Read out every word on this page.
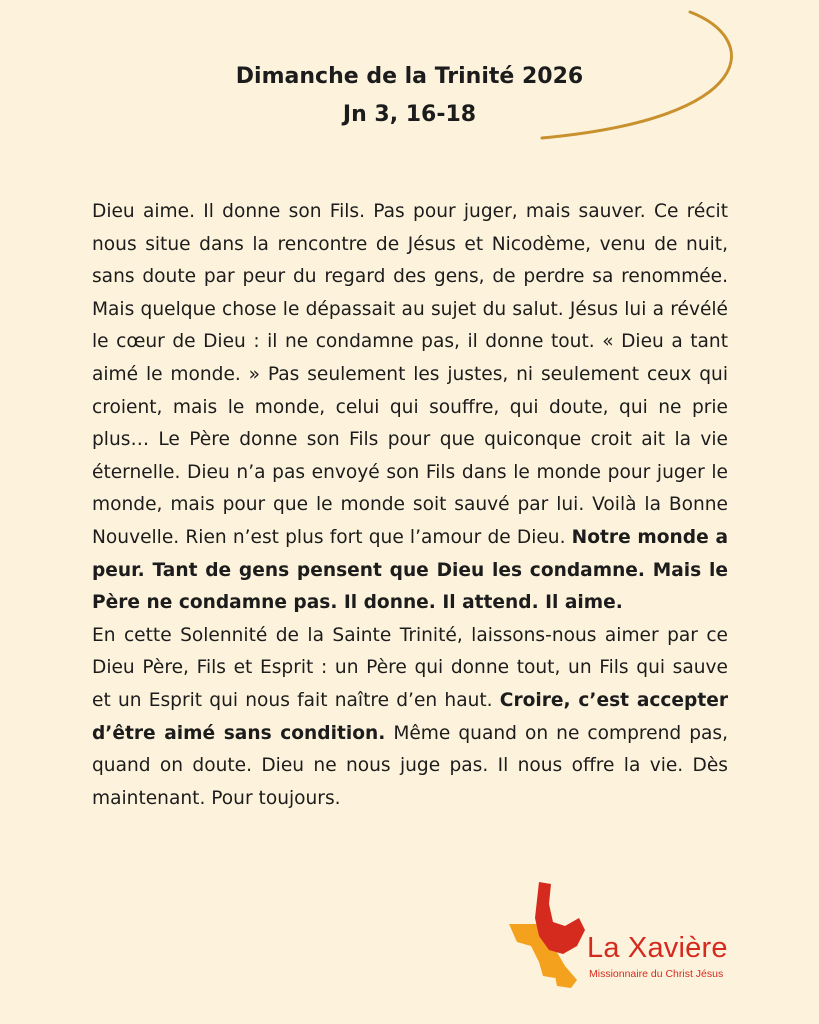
Dimanche de la Trinité 2026
Jn 3, 16-18

Dieu aime. Il donne son Fils. Pas pour juger, mais sauver. Ce récit nous situe dans la rencontre de Jésus et Nicodème, venu de nuit, sans doute par peur du regard des gens, de perdre sa renommée. Mais quelque chose le dépassait au sujet du salut. Jésus lui a révélé le cœur de Dieu : il ne condamne pas, il donne tout. « Dieu a tant aimé le monde. » Pas seulement les justes, ni seulement ceux qui croient, mais le monde, celui qui souffre, qui doute, qui ne prie plus… Le Père donne son Fils pour que quiconque croit ait la vie éternelle. Dieu n’a pas envoyé son Fils dans le monde pour juger le monde, mais pour que le monde soit sauvé par lui. Voilà la Bonne Nouvelle. Rien n’est plus fort que l’amour de Dieu. Notre monde a peur. Tant de gens pensent que Dieu les condamne. Mais le Père ne condamne pas. Il donne. Il attend. Il aime.

En cette Solennité de la Sainte Trinité, laissons-nous aimer par ce Dieu Père, Fils et Esprit : un Père qui donne tout, un Fils qui sauve et un Esprit qui nous fait naître d’en haut. Croire, c’est accepter d’être aimé sans condition. Même quand on ne comprend pas, quand on doute. Dieu ne nous juge pas. Il nous offre la vie. Dès maintenant. Pour toujours.

La Xavière
Missionnaire du Christ Jésus
